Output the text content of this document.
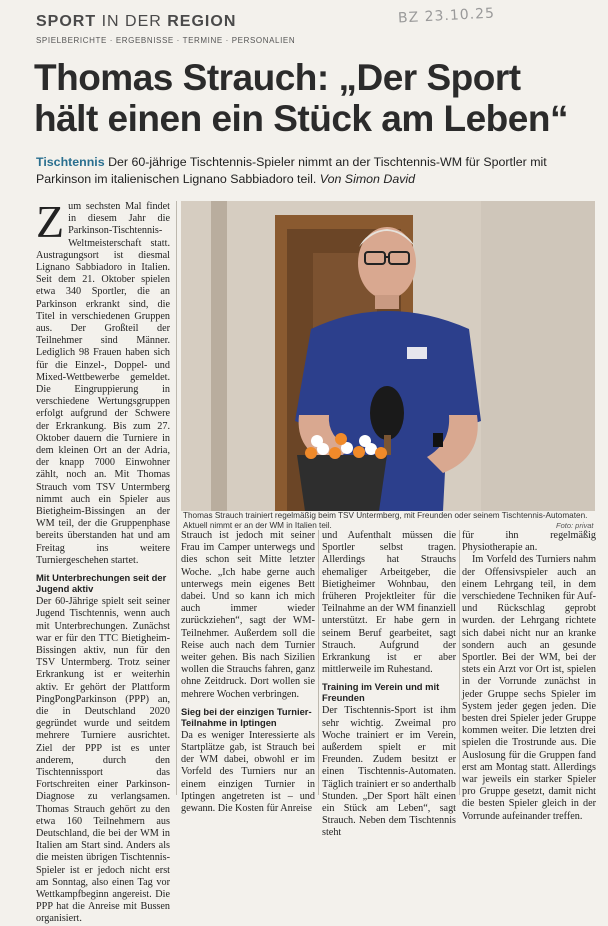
SPORT IN DER REGION	BZ 23.10.25
SPIELBERICHTE · ERGEBNISSE · TERMINE · PERSONALIEN
Thomas Strauch: „Der Sport hält einen ein Stück am Leben“
Tischtennis Der 60-jährige Tischtennis-Spieler nimmt an der Tischtennis-WM für Sportler mit Parkinson im italienischen Lignano Sabbiadoro teil. Von Simon David

Zum sechsten Mal findet in diesem Jahr die Parkinson-Tischtennis-Weltmeisterschaft statt. Austragungsort ist diesmal Lignano Sabbiadoro in Italien. Seit dem 21. Oktober spielen etwa 340 Sportler, die an Parkinson erkrankt sind, die Titel in verschiedenen Gruppen aus. Der Großteil der Teilnehmer sind Männer. Lediglich 98 Frauen haben sich für die Einzel-, Doppel- und Mixed-Wettbewerbe gemeldet. Die Eingruppierung in verschiedene Wertungsgruppen erfolgt aufgrund der Schwere der Erkrankung. Bis zum 27. Oktober dauern die Turniere in dem kleinen Ort an der Adria, der knapp 7000 Einwohner zählt, noch an. Mit Thomas Strauch vom TSV Untermberg nimmt auch ein Spieler aus Bietigheim-Bissingen an der WM teil, der die Gruppenphase bereits überstanden hat und am Freitag ins weitere Turniergeschehen startet.

Mit Unterbrechungen seit der Jugend aktiv

Der 60-Jährige spielt seit seiner Jugend Tischtennis, wenn auch mit Unterbrechungen. Zunächst war er für den TTC Bietigheim-Bissingen aktiv, nun für den TSV Untermberg. Trotz seiner Erkrankung ist er weiterhin aktiv. Er gehört der Plattform PingPongParkinson (PPP) an, die in Deutschland 2020 gegründet wurde und seitdem mehrere Turniere ausrichtet. Ziel der PPP ist es unter anderem, durch den Tischtennissport das Fortschreiten einer Parkinson-Diagnose zu verlangsamen. Thomas Strauch gehört zu den etwa 160 Teilnehmern aus Deutschland, die bei der WM in Italien am Start sind. Anders als die meisten übrigen Tischtennis-Spieler ist er jedoch nicht erst am Sonntag, also einen Tag vor Wettkampfbeginn angereist. Die PPP hat die Anreise mit Bussen organisiert.

Thomas Strauch trainiert regelmäßig beim TSV Untermberg, mit Freunden oder seinem Tischtennis-Automaten. Aktuell nimmt er an der WM in Italien teil.	Foto: privat

Strauch ist jedoch mit seiner Frau im Camper unterwegs und dies schon seit Mitte letzter Woche. „Ich habe gerne auch unterwegs mein eigenes Bett dabei. Und so kann ich mich auch immer wieder zurückziehen“, sagt der WM-Teilnehmer. Außerdem soll die Reise auch nach dem Turnier weiter gehen. Bis nach Sizilien wollen die Strauchs fahren, ganz ohne Zeitdruck. Dort wollen sie mehrere Wochen verbringen.

Sieg bei der einzigen Turnier-Teilnahme in Iptingen

Da es weniger Interessierte als Startplätze gab, ist Strauch bei der WM dabei, obwohl er im Vorfeld des Turniers nur an einem einzigen Turnier in Iptingen angetreten ist – und gewann. Die Kosten für Anreise

und Aufenthalt müssen die Sportler selbst tragen. Allerdings hat Strauchs ehemaliger Arbeitgeber, die Bietigheimer Wohnbau, den früheren Projektleiter für die Teilnahme an der WM finanziell unterstützt. Er habe gern in seinem Beruf gearbeitet, sagt Strauch. Aufgrund der Erkrankung ist er aber mittlerweile im Ruhestand.

Training im Verein und mit Freunden

Der Tischtennis-Sport ist ihm sehr wichtig. Zweimal pro Woche trainiert er im Verein, außerdem spielt er mit Freunden. Zudem besitzt er einen Tischtennis-Automaten. Täglich trainiert er so anderthalb Stunden. „Der Sport hält einen ein Stück am Leben“, sagt Strauch. Neben dem Tischtennis steht

für ihn regelmäßig Physiotherapie an.

Im Vorfeld des Turniers nahm der Offensivspieler auch an einem Lehrgang teil, in dem verschiedene Techniken für Auf- und Rückschlag geprobt wurden. der Lehrgang richtete sich dabei nicht nur an kranke sondern auch an gesunde Sportler. Bei der WM, bei der stets ein Arzt vor Ort ist, spielen in der Vorrunde zunächst in jeder Gruppe sechs Spieler im System jeder gegen jeden. Die besten drei Spieler jeder Gruppe kommen weiter. Die letzten drei spielen die Trostrunde aus. Die Auslosung für die Gruppen fand erst am Montag statt. Allerdings war jeweils ein starker Spieler pro Gruppe gesetzt, damit nicht die besten Spieler gleich in der Vorrunde aufeinander treffen.
